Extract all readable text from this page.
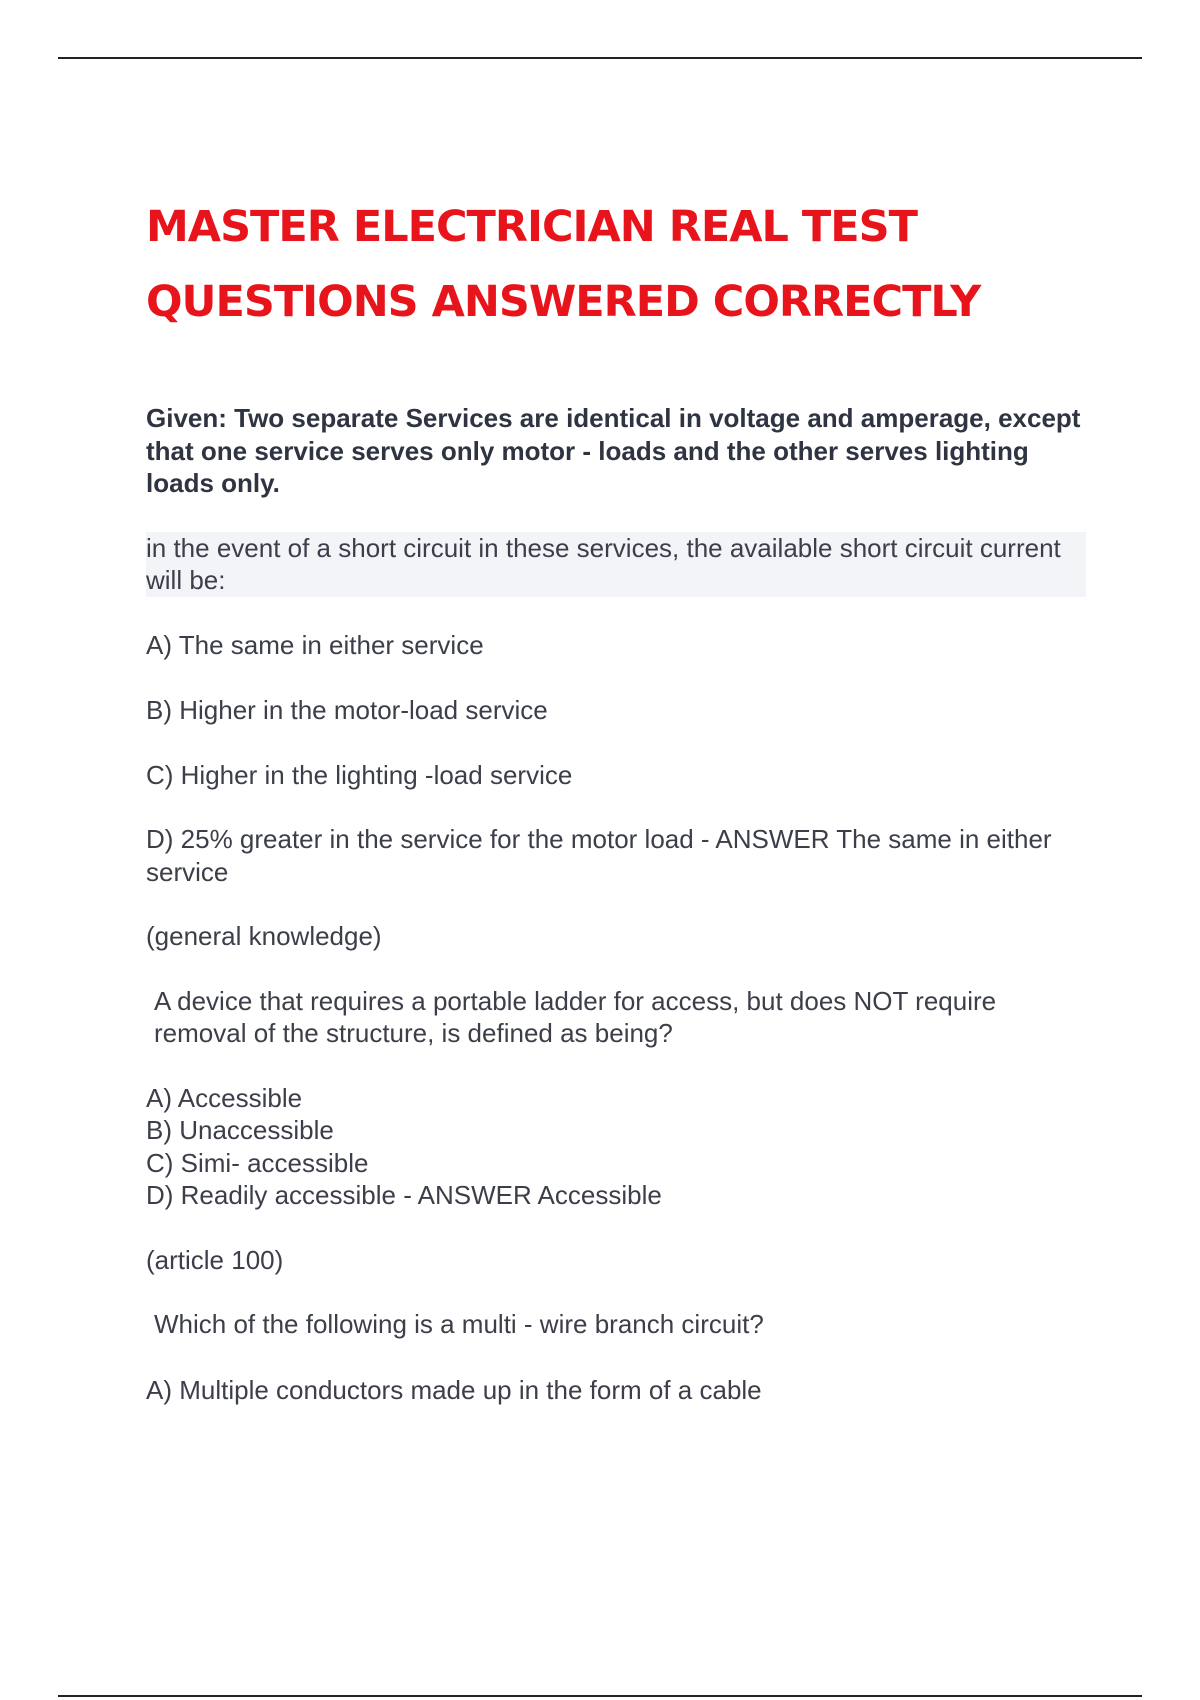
MASTER ELECTRICIAN REAL TEST
QUESTIONS ANSWERED CORRECTLY

Given: Two separate Services are identical in voltage and amperage, except that one service serves only motor - loads and the other serves lighting loads only.

in the event of a short circuit in these services, the available short circuit current will be:

A) The same in either service

B) Higher in the motor-load service

C) Higher in the lighting -load service

D) 25% greater in the service for the motor load - ANSWER The same in either service

(general knowledge)

A device that requires a portable ladder for access, but does NOT require removal of the structure, is defined as being?

A) Accessible

B) Unaccessible

C) Simi- accessible

D) Readily accessible - ANSWER Accessible

(article 100)

Which of the following is a multi - wire branch circuit?

A) Multiple conductors made up in the form of a cable
